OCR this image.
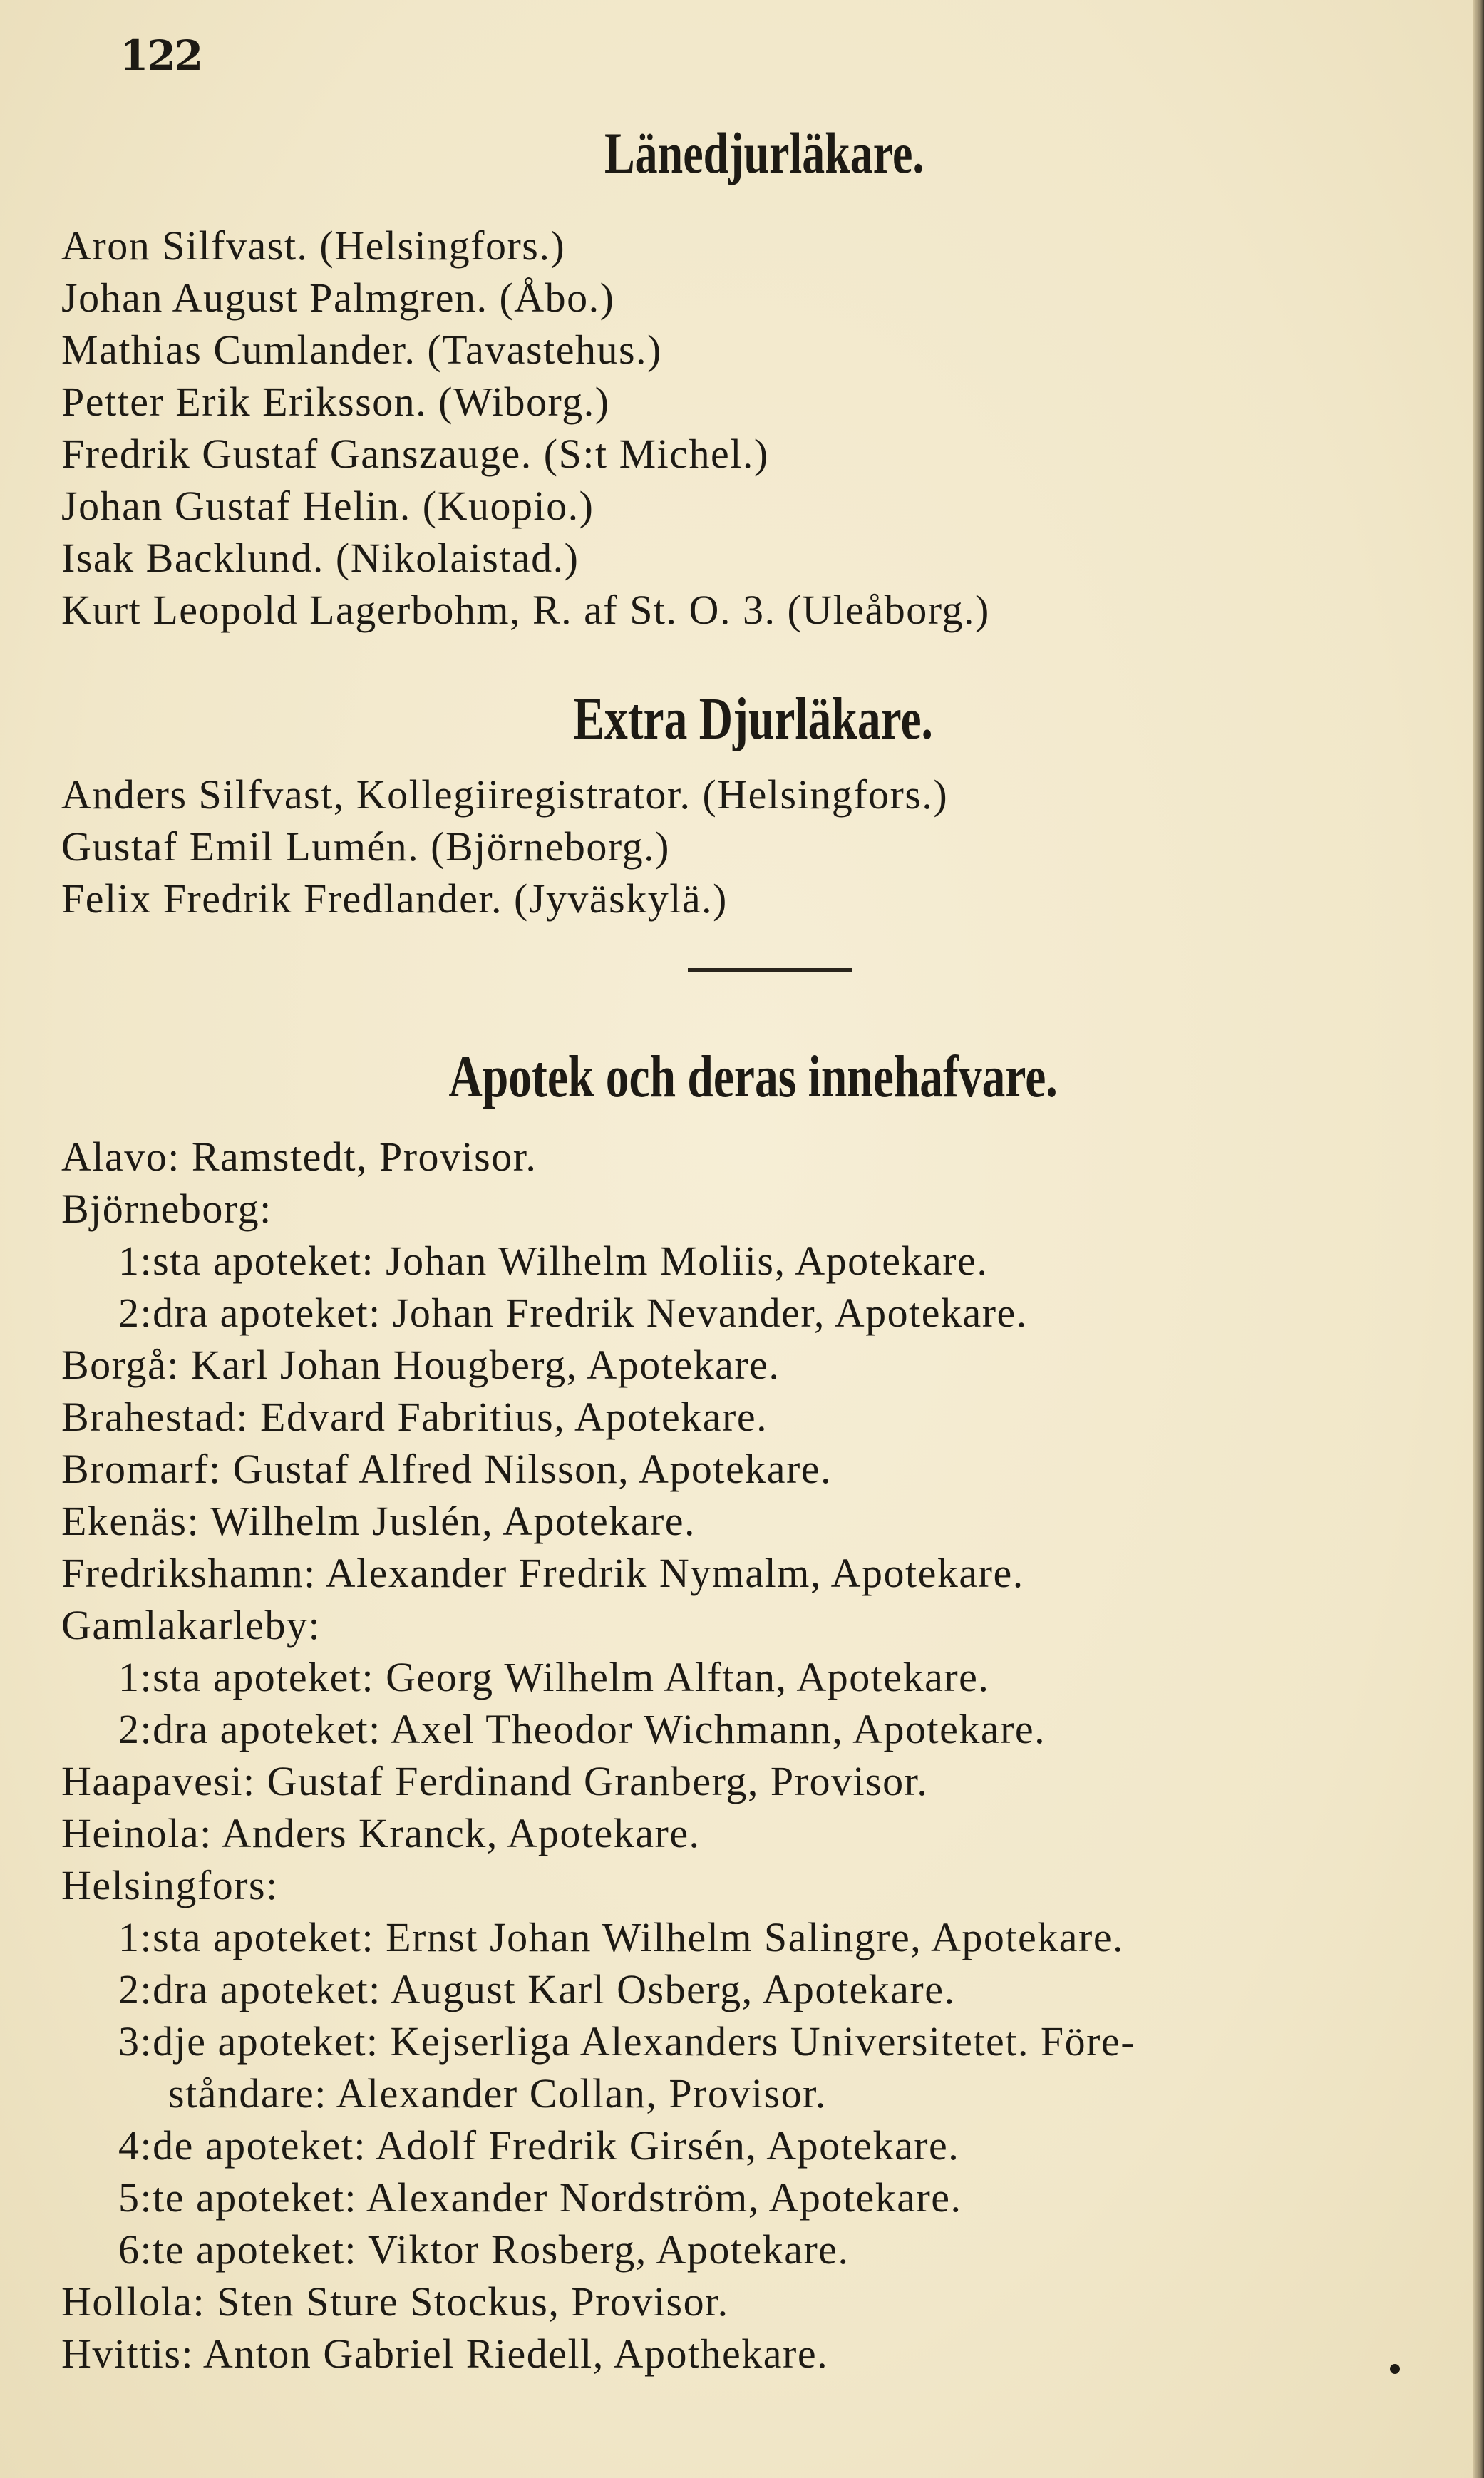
122

Länedjurläkare.
Aron Silfvast. (Helsingfors.)
Johan August Palmgren. (Åbo.)
Mathias Cumlander. (Tavastehus.)
Petter Erik Eriksson. (Wiborg.)
Fredrik Gustaf Ganszauge. (S:t Michel.)
Johan Gustaf Helin. (Kuopio.)
Isak Backlund. (Nikolaistad.)
Kurt Leopold Lagerbohm, R. af St. O. 3. (Uleåborg.)
Extra Djurläkare.
Anders Silfvast, Kollegiiregistrator. (Helsingfors.)
Gustaf Emil Lumén. (Björneborg.)
Felix Fredrik Fredlander. (Jyväskylä.)
Apotek och deras innehafvare.
Alavo: Ramstedt, Provisor.
Björneborg:
1:sta apoteket: Johan Wilhelm Moliis, Apotekare.
2:dra apoteket: Johan Fredrik Nevander, Apotekare.
Borgå: Karl Johan Hougberg, Apotekare.
Brahestad: Edvard Fabritius, Apotekare.
Bromarf: Gustaf Alfred Nilsson, Apotekare.
Ekenäs: Wilhelm Juslén, Apotekare.
Fredrikshamn: Alexander Fredrik Nymalm, Apotekare.
Gamlakarleby:
1:sta apoteket: Georg Wilhelm Alftan, Apotekare.
2:dra apoteket: Axel Theodor Wichmann, Apotekare.
Haapavesi: Gustaf Ferdinand Granberg, Provisor.
Heinola: Anders Kranck, Apotekare.
Helsingfors:
1:sta apoteket: Ernst Johan Wilhelm Salingre, Apotekare.
2:dra apoteket: August Karl Osberg, Apotekare.
3:dje apoteket: Kejserliga Alexanders Universitetet. Före-
ståndare: Alexander Collan, Provisor.
4:de apoteket: Adolf Fredrik Girsén, Apotekare.
5:te apoteket: Alexander Nordström, Apotekare.
6:te apoteket: Viktor Rosberg, Apotekare.
Hollola: Sten Sture Stockus, Provisor.
Hvittis: Anton Gabriel Riedell, Apothekare.
